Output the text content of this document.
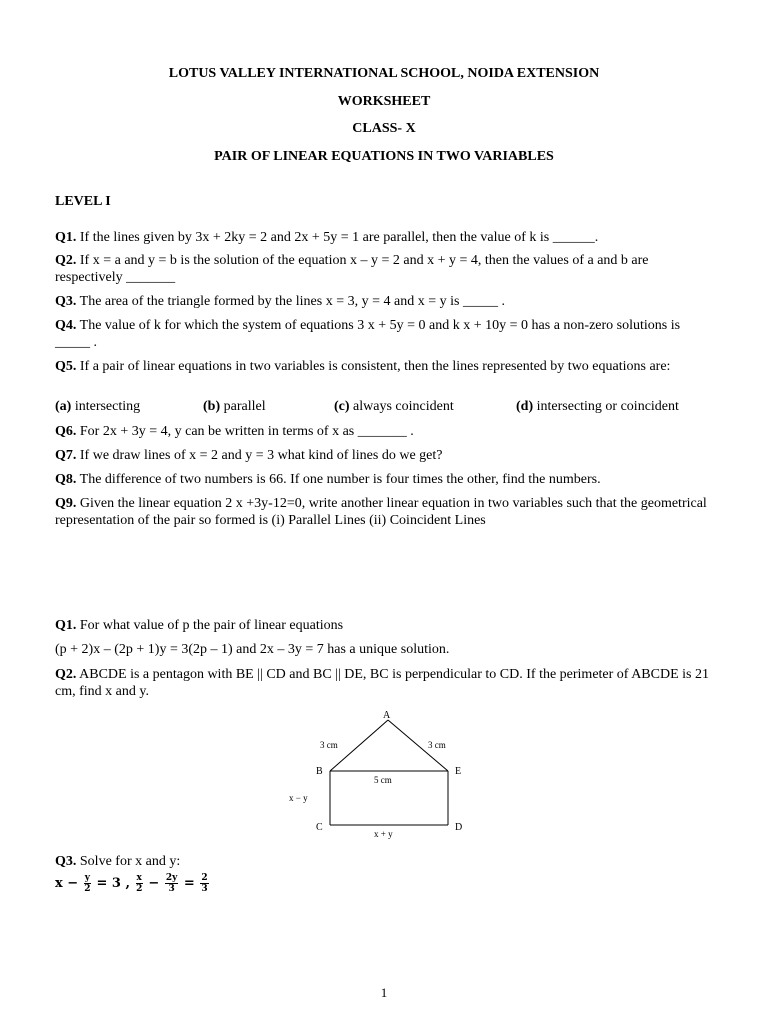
LOTUS VALLEY INTERNATIONAL SCHOOL, NOIDA EXTENSION
WORKSHEET
CLASS- X
PAIR OF LINEAR EQUATIONS IN TWO VARIABLES
LEVEL I
Q1. If the lines given by 3x + 2ky = 2 and 2x + 5y = 1 are parallel, then the value of k is ______.
Q2. If x = a and y = b is the solution of the equation x – y = 2 and x + y = 4, then the values of a and b are respectively _______
Q3. The area of the triangle formed by the lines x = 3, y = 4 and x = y is _____ .
Q4. The value of k for which the system of equations 3 x + 5y = 0 and k x + 10y = 0 has a non-zero solutions is _____ .
Q5. If a pair of linear equations in two variables is consistent, then the lines represented by two equations are:
(a) intersecting	(b) parallel	(c) always coincident	(d) intersecting or coincident
Q6. For 2x + 3y = 4, y can be written in terms of x as _______ .
Q7. If we draw lines of x = 2 and y = 3 what kind of lines do we get?
Q8. The difference of two numbers is 66. If one number is four times the other, find the numbers.
Q9. Given the linear equation 2 x +3y-12=0, write another linear equation in two variables such that the geometrical representation of the pair so formed is (i) Parallel Lines (ii) Coincident Lines
Q1. For what value of p the pair of linear equations
(p + 2)x – (2p + 1)y = 3(2p – 1) and 2x – 3y = 7 has a unique solution.
Q2. ABCDE is a pentagon with BE || CD and BC || DE, BC is perpendicular to CD. If the perimeter of ABCDE is 21 cm, find x and y.
A
B	E
C	D
3 cm	3 cm
5 cm
x − y
x + y
Q3. Solve for x and y:
$x - \frac{y}{2} = 3$ , $\frac{x}{2} - \frac{2y}{3} = \frac{2}{3}$
1
